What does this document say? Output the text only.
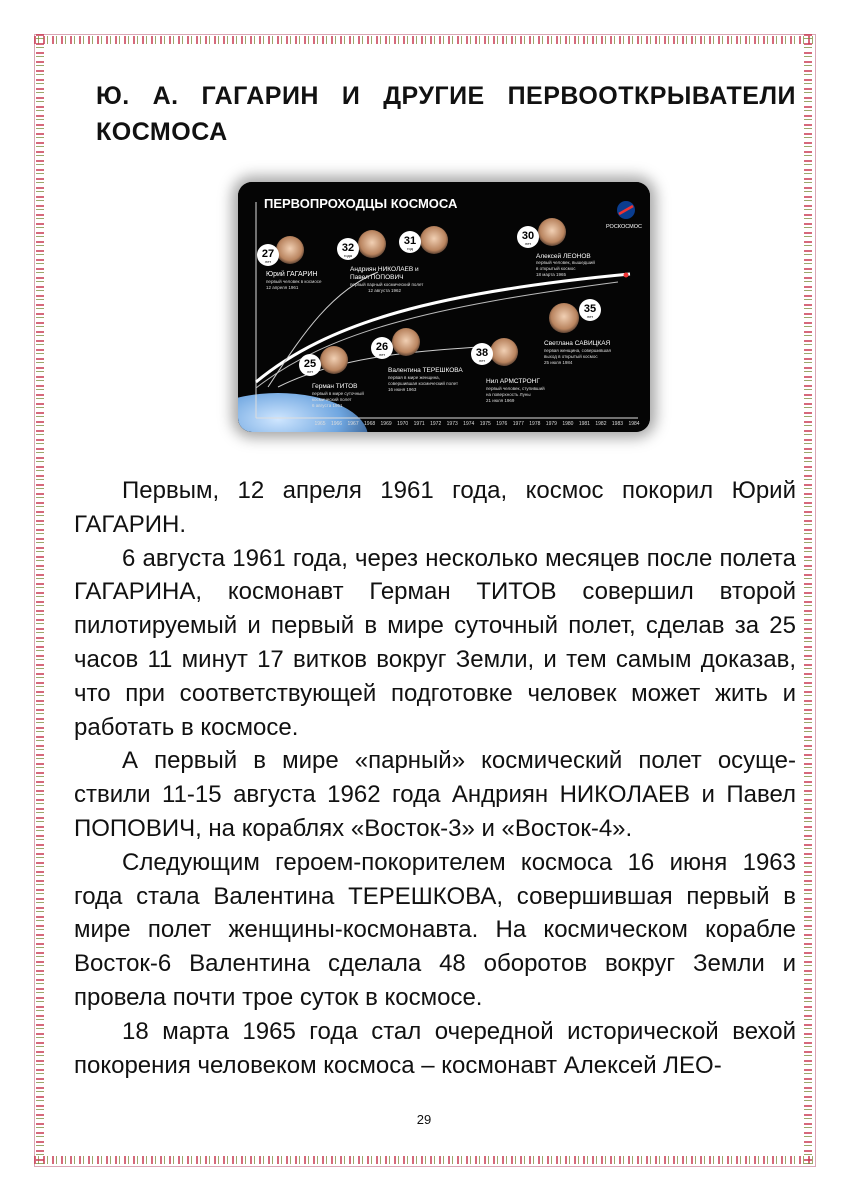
Ю. А. ГАГАРИН И ДРУГИЕ ПЕРВООТКРЫВАТЕЛИ КОСМОСА
ПЕРВОПРОХОДЦЫ КОСМОСА
РОСКОСМОС
27
лет
Юрий ГАГАРИН
первый человек в космосе
12 апреля 1961
32
года
31
год
Андриян НИКОЛАЕВ и
Павел ПОПОВИЧ
первый парный космический полет
12 августа 1962
30
лет
Алексей ЛЕОНОВ
первый человек, вышедший
в открытый космос
18 марта 1965
25
лет
Герман ТИТОВ
первый в мире суточный
космический полет
6 августа 1961
26
лет
Валентина ТЕРЕШКОВА
первая в мире женщина,
совершившая космический полет
16 июня 1963
38
лет
Нил АРМСТРОНГ
первый человек, ступивший
на поверхность Луны
21 июля 1969
35
лет
Светлана САВИЦКАЯ
первая женщина, совершившая
выход в открытый космос
25 июля 1984
1965 1966 1967 1968 1969 1970 1971 1972 1973 1974 1975 1976 1977 1978 1979 1980 1981 1982 1983 1984

Первым, 12 апреля 1961 года, космос покорил Юрий ГАГАРИН.

6 августа 1961 года, через несколько месяцев после полета ГАГАРИНА, космонавт Герман ТИТОВ совершил второй пилотируемый и первый в мире суточный полет, сделав за 25 часов 11 минут 17 витков вокруг Земли, и тем самым доказав, что при соответствующей подготовке человек может жить и работать в космосе.

А первый в мире «парный» космический полет осуществили 11-15 августа 1962 года Андриян НИКОЛАЕВ и Павел ПОПОВИЧ, на кораблях «Восток-3» и «Восток-4».

Следующим героем-покорителем космоса 16 июня 1963 года стала Валентина ТЕРЕШКОВА, совершившая первый в мире полет женщины-космонавта. На космическом корабле Восток-6 Валентина сделала 48 оборотов вокруг Земли и провела почти трое суток в космосе.

18 марта 1965 года стал очередной исторической вехой покорения человеком космоса – космонавт Алексей ЛЕО-

29
